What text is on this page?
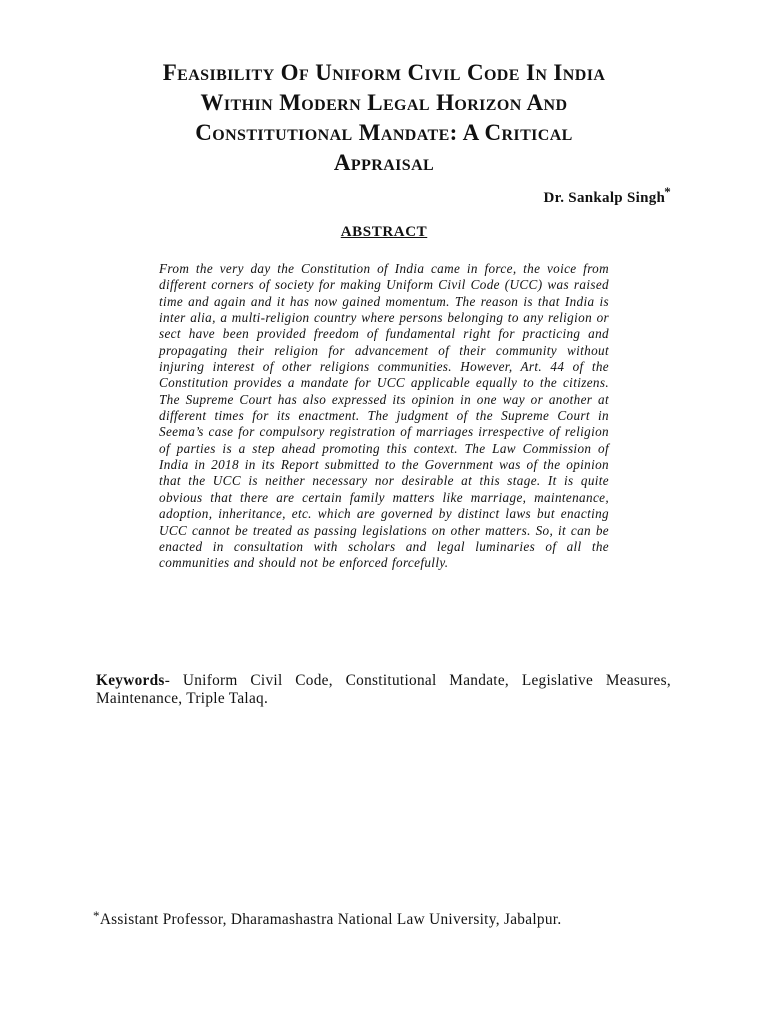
Feasibility Of Uniform Civil Code In India
Within Modern Legal Horizon And
Constitutional Mandate: A Critical
Appraisal
Dr. Sankalp Singh*
ABSTRACT

From the very day the Constitution of India came in force, the voice from different corners of society for making Uniform Civil Code (UCC) was raised time and again and it has now gained momentum. The reason is that India is inter alia, a multi-religion country where persons belonging to any religion or sect have been provided freedom of fundamental right for practicing and propagating their religion for advancement of their community without injuring interest of other religions communities. However, Art. 44 of the Constitution provides a mandate for UCC applicable equally to the citizens. The Supreme Court has also expressed its opinion in one way or another at different times for its enactment. The judgment of the Supreme Court in Seema’s case for compulsory registration of marriages irrespective of religion of parties is a step ahead promoting this context. The Law Commission of India in 2018 in its Report submitted to the Government was of the opinion that the UCC is neither necessary nor desirable at this stage. It is quite obvious that there are certain family matters like marriage, maintenance, adoption, inheritance, etc. which are governed by distinct laws but enacting UCC cannot be treated as passing legislations on other matters. So, it can be enacted in consultation with scholars and legal luminaries of all the communities and should not be enforced forcefully.

Keywords- Uniform Civil Code, Constitutional Mandate, Legislative Measures, Maintenance, Triple Talaq.

*Assistant Professor, Dharamashastra National Law University, Jabalpur.
